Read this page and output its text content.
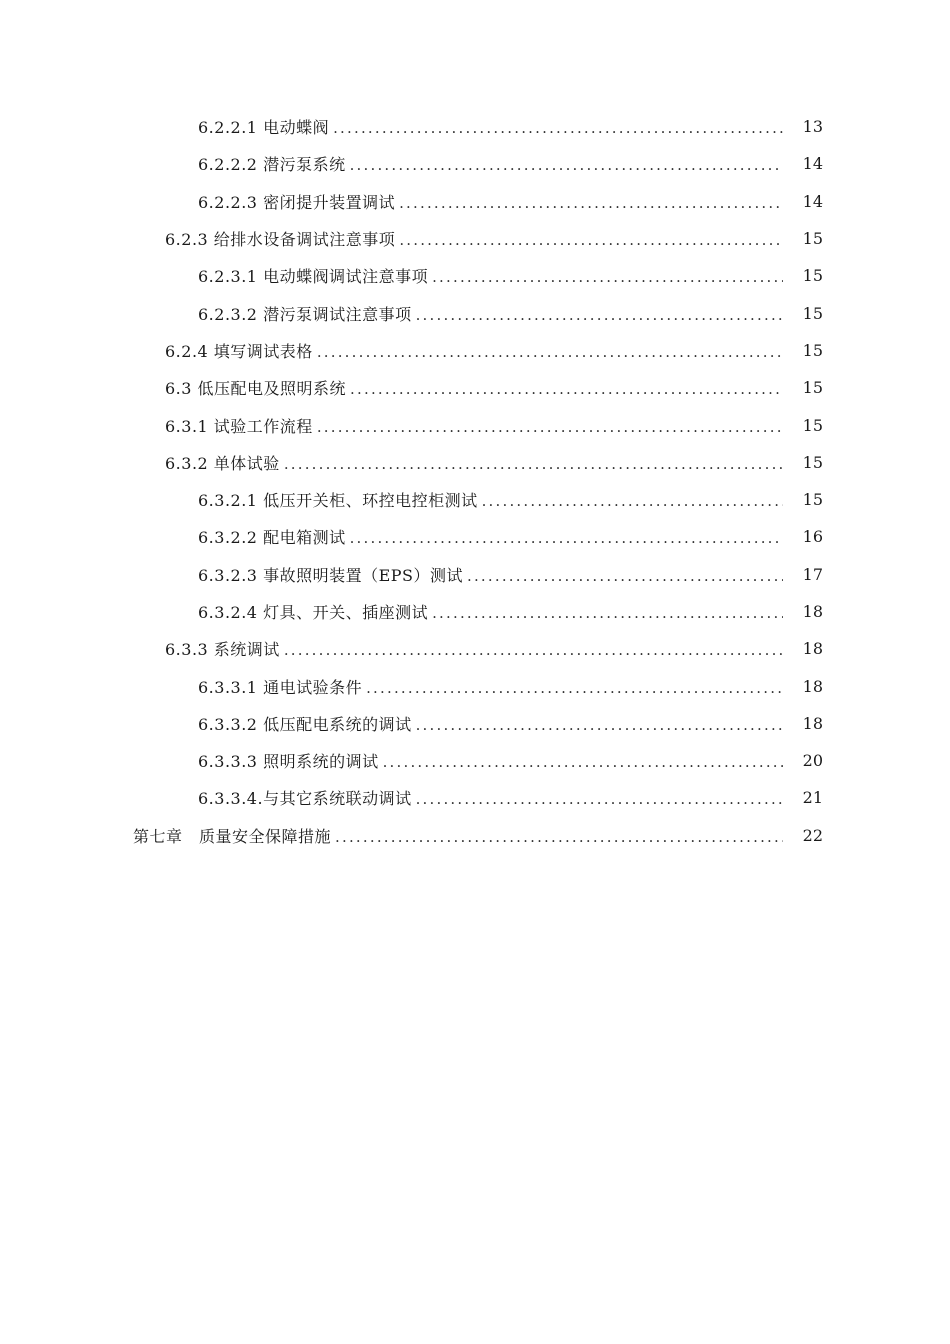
6.2.2.1 电动蝶阀 .....	13
6.2.2.2 潜污泵系统 .....	14
6.2.2.3 密闭提升装置调试 .....	14
6.2.3 给排水设备调试注意事项 .....	15
6.2.3.1 电动蝶阀调试注意事项 .....	15
6.2.3.2 潜污泵调试注意事项 .....	15
6.2.4 填写调试表格 .....	15
6.3 低压配电及照明系统 .....	15
6.3.1 试验工作流程 .....	15
6.3.2 单体试验 .....	15
6.3.2.1 低压开关柜、环控电控柜测试 .....	15
6.3.2.2 配电箱测试 .....	16
6.3.2.3 事故照明装置（EPS）测试 .....	17
6.3.2.4 灯具、开关、插座测试 .....	18
6.3.3 系统调试 .....	18
6.3.3.1 通电试验条件 .....	18
6.3.3.2 低压配电系统的调试 .....	18
6.3.3.3 照明系统的调试 .....	20
6.3.3.4.与其它系统联动调试 .....	21
第七章　质量安全保障措施 .....	22
